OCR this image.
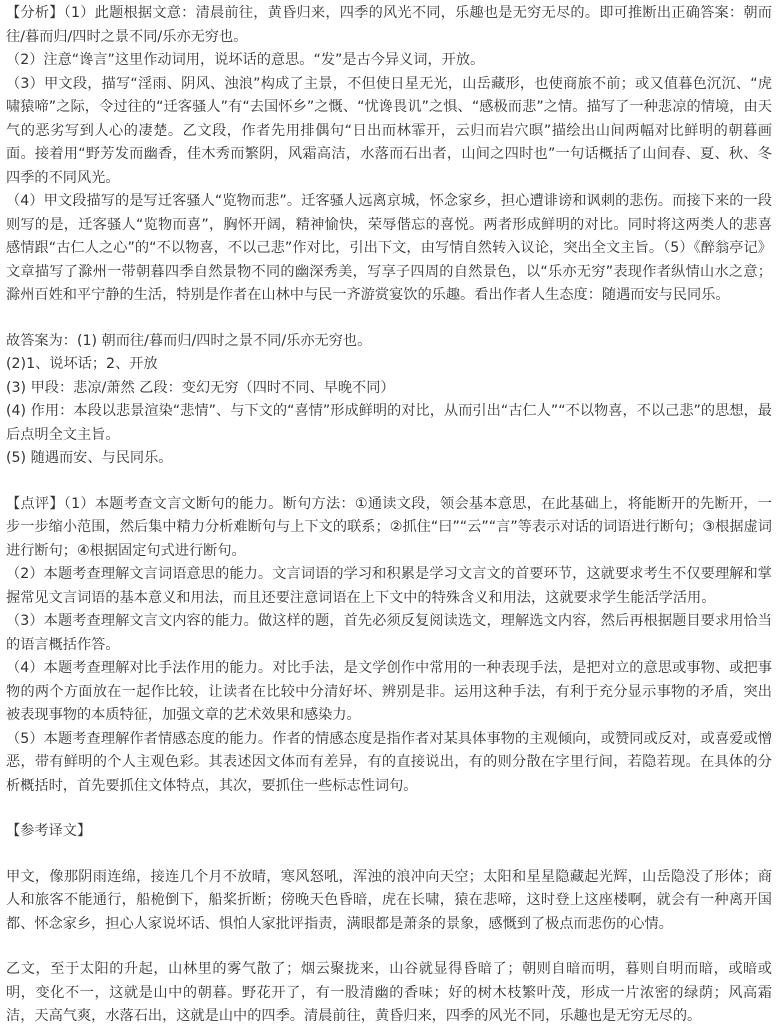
【分析】（1）此题根据文意：清晨前往，黄昏归来，四季的风光不同，乐趣也是无穷无尽的。即可推断出正确答案：朝而往/暮而归/四时之景不同/乐亦无穷也。

（2）注意“谗言”这里作动词用，说坏话的意思。“发”是古今异义词，开放。

（3）甲文段，描写“淫雨、阴风、浊浪”构成了主景，不但使日星无光，山岳藏形，也使商旅不前；或又值暮色沉沉、“虎啸猿啼”之际，令过往的“迁客骚人”有“去国怀乡”之慨、“忧谗畏讥”之惧、“感极而悲”之情。描写了一种悲凉的情境，由天气的恶劣写到人心的凄楚。乙文段，作者先用排偶句“日出而林霏开，云归而岩穴暝”描绘出山间两幅对比鲜明的朝暮画面。接着用“野芳发而幽香，佳木秀而繁阴，风霜高洁，水落而石出者，山间之四时也”一句话概括了山间春、夏、秋、冬四季的不同风光。

（4）甲文段描写的是写迁客骚人“览物而悲”。迁客骚人远离京城，怀念家乡，担心遭诽谤和讽刺的悲伤。而接下来的一段则写的是，迁客骚人“览物而喜”，胸怀开阔，精神愉快，荣辱偕忘的喜悦。两者形成鲜明的对比。同时将这两类人的悲喜感情跟“古仁人之心”的“不以物喜，不以己悲”作对比，引出下文，由写情自然转入议论，突出全文主旨。（5）《醉翁亭记》文章描写了滁州一带朝暮四季自然景物不同的幽深秀美，写享子四周的自然景色，以“乐亦无穷”表现作者纵情山水之意；滁州百姓和平宁静的生活，特别是作者在山林中与民一齐游赏宴饮的乐趣。看出作者人生态度：随遇而安与民同乐。

故答案为：(1) 朝而往/暮而归/四时之景不同/乐亦无穷也。

(2)1、说坏话；2、开放

(3) 甲段：悲凉/萧然 乙段：变幻无穷（四时不同、早晚不同）

(4) 作用：本段以悲景渲染“悲情”、与下文的“喜情”形成鲜明的对比，从而引出“古仁人”“不以物喜，不以己悲”的思想，最后点明全文主旨。

(5) 随遇而安、与民同乐。

【点评】（1）本题考查文言文断句的能力。断句方法：①通读文段，领会基本意思，在此基础上，将能断开的先断开，一步一步缩小范围，然后集中精力分析难断句与上下文的联系；②抓住“曰”“云”“言”等表示对话的词语进行断句；③根据虚词进行断句；④根据固定句式进行断句。

（2）本题考查理解文言词语意思的能力。文言词语的学习和积累是学习文言文的首要环节，这就要求考生不仅要理解和掌握常见文言词语的基本意义和用法，而且还要注意词语在上下文中的特殊含义和用法，这就要求学生能活学活用。

（3）本题考查理解文言文内容的能力。做这样的题，首先必须反复阅读选文，理解选文内容，然后再根据题目要求用恰当的语言概括作答。

（4）本题考查理解对比手法作用的能力。对比手法，是文学创作中常用的一种表现手法，是把对立的意思或事物、或把事物的两个方面放在一起作比较，让读者在比较中分清好坏、辨别是非。运用这种手法，有利于充分显示事物的矛盾，突出被表现事物的本质特征，加强文章的艺术效果和感染力。

（5）本题考查理解作者情感态度的能力。作者的情感态度是指作者对某具体事物的主观倾向，或赞同或反对，或喜爱或憎恶，带有鲜明的个人主观色彩。其表述因文体而有差异，有的直接说出，有的则分散在字里行间，若隐若现。在具体的分析概括时，首先要抓住文体特点，其次，要抓住一些标志性词句。

【参考译文】

甲文，像那阴雨连绵，接连几个月不放晴，寒风怒吼，浑浊的浪冲向天空；太阳和星星隐藏起光辉，山岳隐没了形体；商人和旅客不能通行，船桅倒下，船桨折断；傍晚天色昏暗，虎在长啸，猿在悲啼，这时登上这座楼啊，就会有一种离开国都、怀念家乡，担心人家说坏话、惧怕人家批评指责，满眼都是萧条的景象，感慨到了极点而悲伤的心情。

乙文，至于太阳的升起，山林里的雾气散了；烟云聚拢来，山谷就显得昏暗了；朝则自暗而明，暮则自明而暗，或暗或明，变化不一，这就是山中的朝暮。野花开了，有一股清幽的香味；好的树木枝繁叶茂，形成一片浓密的绿荫；风高霜洁，天高气爽，水落石出，这就是山中的四季。清晨前往，黄昏归来，四季的风光不同，乐趣也是无穷无尽的。
